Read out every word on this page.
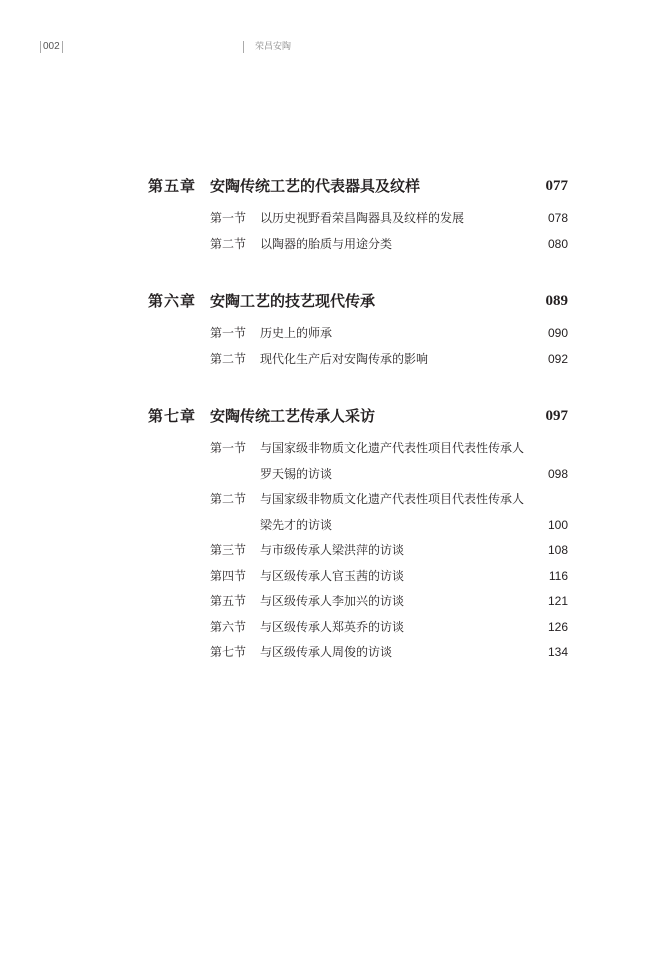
002	荣昌安陶
第五章 安陶传统工艺的代表器具及纹样	077
第一节 以历史视野看荣昌陶器具及纹样的发展	078
第二节 以陶器的胎质与用途分类	080
第六章 安陶工艺的技艺现代传承	089
第一节 历史上的师承	090
第二节 现代化生产后对安陶传承的影响	092
第七章 安陶传统工艺传承人采访	097
第一节 与国家级非物质文化遗产代表性项目代表性传承人
罗天锡的访谈	098
第二节 与国家级非物质文化遗产代表性项目代表性传承人
梁先才的访谈	100
第三节 与市级传承人梁洪萍的访谈	108
第四节 与区级传承人官玉茜的访谈	116
第五节 与区级传承人李加兴的访谈	121
第六节 与区级传承人郑英乔的访谈	126
第七节 与区级传承人周俊的访谈	134
